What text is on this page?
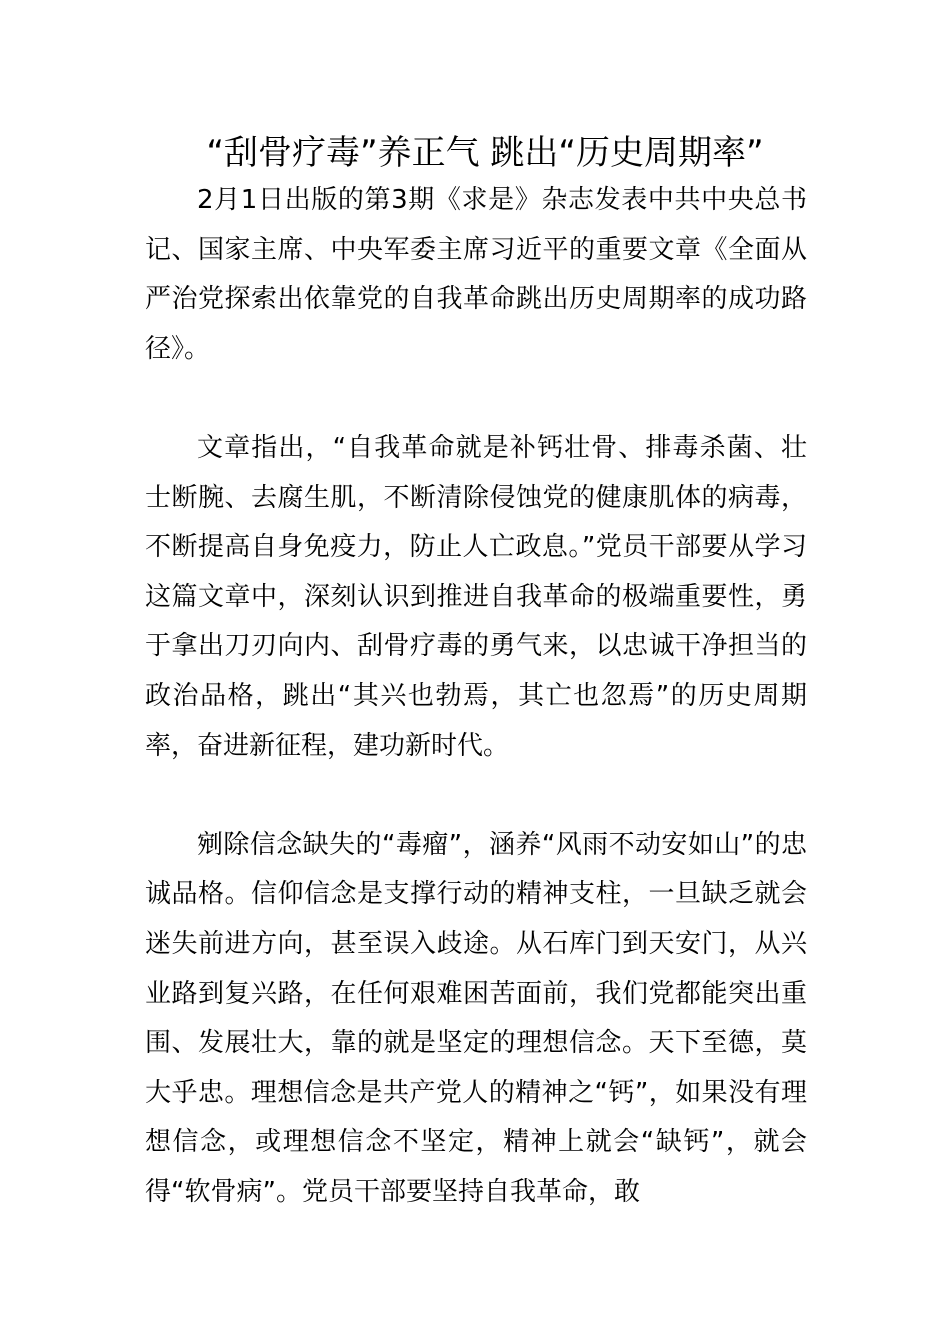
“刮骨疗毒”养正气 跳出“历史周期率”

2月1日出版的第3期《求是》杂志发表中共中央总书记、国家主席、中央军委主席习近平的重要文章《全面从严治党探索出依靠党的自我革命跳出历史周期率的成功路径》。

文章指出，“自我革命就是补钙壮骨、排毒杀菌、壮士断腕、去腐生肌，不断清除侵蚀党的健康肌体的病毒，不断提高自身免疫力，防止人亡政息。”党员干部要从学习这篇文章中，深刻认识到推进自我革命的极端重要性，勇于拿出刀刃向内、刮骨疗毒的勇气来，以忠诚干净担当的政治品格，跳出“其兴也勃焉，其亡也忽焉”的历史周期率，奋进新征程，建功新时代。

剜除信念缺失的“毒瘤”，涵养“风雨不动安如山”的忠诚品格。信仰信念是支撑行动的精神支柱，一旦缺乏就会迷失前进方向，甚至误入歧途。从石库门到天安门，从兴业路到复兴路，在任何艰难困苦面前，我们党都能突出重围、发展壮大，靠的就是坚定的理想信念。天下至德，莫大乎忠。理想信念是共产党人的精神之“钙”，如果没有理想信念，或理想信念不坚定，精神上就会“缺钙”，就会得“软骨病”。党员干部要坚持自我革命，敢
